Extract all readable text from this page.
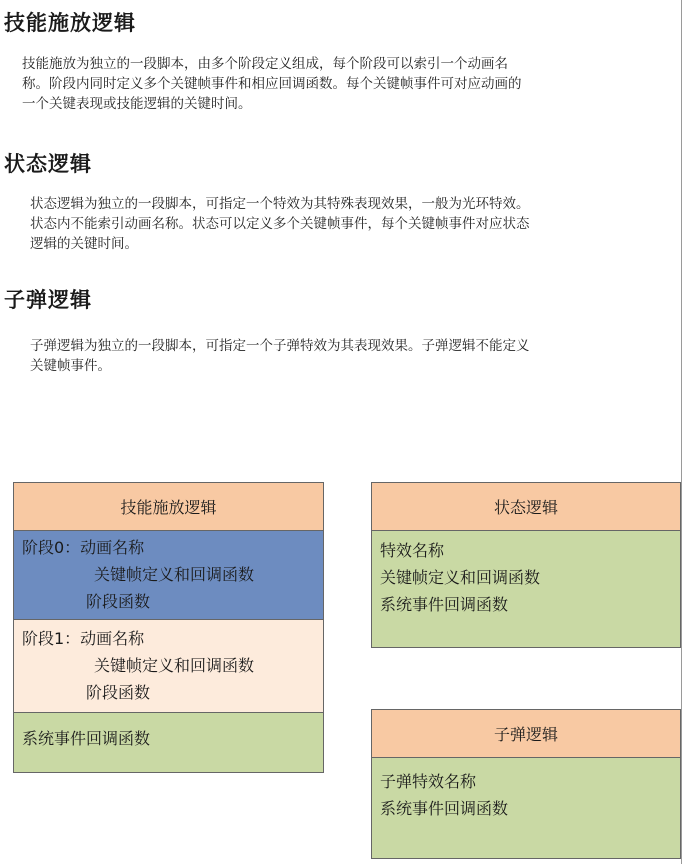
技能施放逻辑
技能施放为独立的一段脚本，由多个阶段定义组成，每个阶段可以索引一个动画名
称。阶段内同时定义多个关键帧事件和相应回调函数。每个关键帧事件可对应动画的
一个关键表现或技能逻辑的关键时间。
状态逻辑
状态逻辑为独立的一段脚本，可指定一个特效为其特殊表现效果，一般为光环特效。
状态内不能索引动画名称。状态可以定义多个关键帧事件，每个关键帧事件对应状态
逻辑的关键时间。
子弹逻辑
子弹逻辑为独立的一段脚本，可指定一个子弹特效为其表现效果。子弹逻辑不能定义
关键帧事件。
技能施放逻辑
阶段0：动画名称
关键帧定义和回调函数
阶段函数
阶段1：动画名称
关键帧定义和回调函数
阶段函数
系统事件回调函数
状态逻辑
特效名称
关键帧定义和回调函数
系统事件回调函数
子弹逻辑
子弹特效名称
系统事件回调函数
